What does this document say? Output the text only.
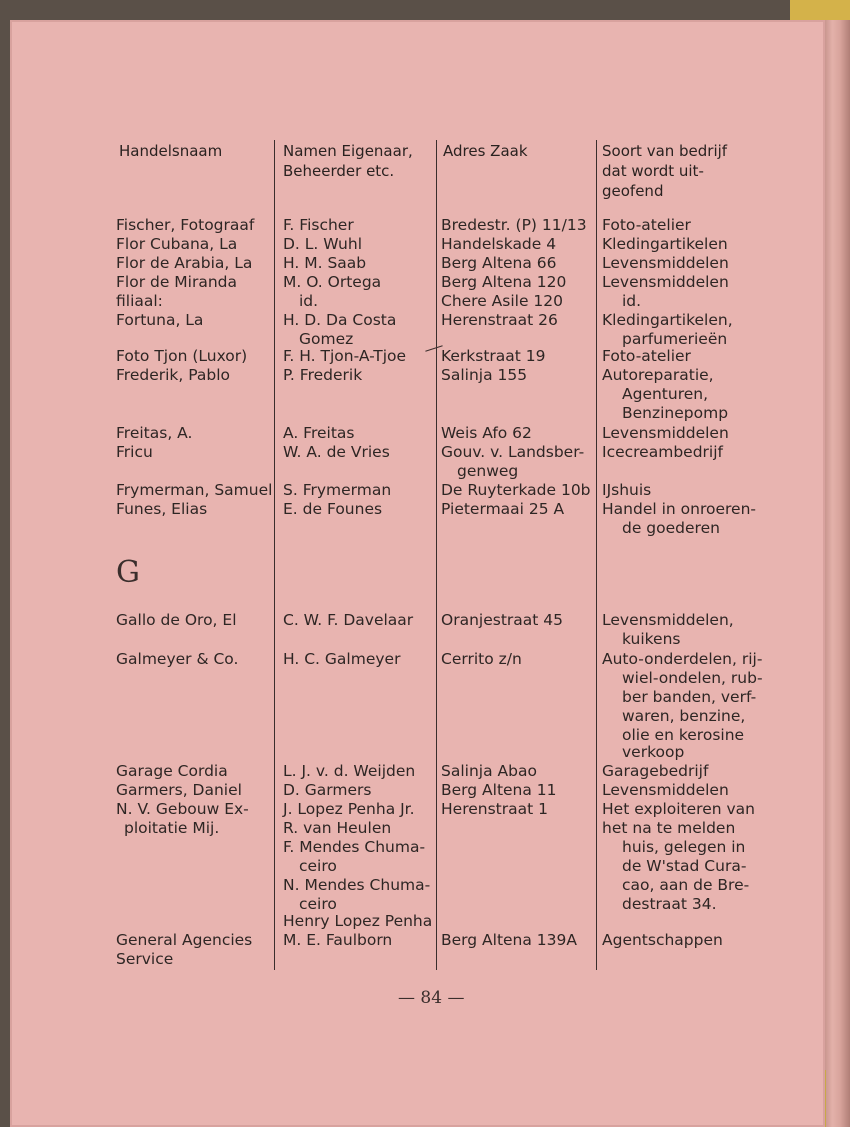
Handelsnaam	Namen Eigenaar, Beheerder etc.
Adres Zaak	Soort van bedrijf dat wordt uit-geofend
Fischer, Fotograaf
Flor Cubana, La
Flor de Arabia, La
Flor de Miranda
filiaal:
Fortuna, La
Foto Tjon (Luxor)
Frederik, Pablo
Freitas, A.
Fricu
Frymerman, Samuel
Funes, Elias
Gallo de Oro, El
Galmeyer & Co.
Garage Cordia
Garmers, Daniel
N. V. Gebouw Ex-
ploitatie Mij.
General Agencies
Service
F. Fischer
D. L. Wuhl
H. M. Saab
M. O. Ortega
id.
H. D. Da Costa
Gomez
F. H. Tjon-A-Tjoe
P. Frederik
A. Freitas
W. A. de Vries
S. Frymerman
E. de Founes
C. W. F. Davelaar
H. C. Galmeyer
L. J. v. d. Weijden
D. Garmers
J. Lopez Penha Jr.
R. van Heulen
F. Mendes Chuma-
ceiro
N. Mendes Chuma-
ceiro
Henry Lopez Penha
M. E. Faulborn
Bredestr. (P) 11/13
Handelskade 4
Berg Altena 66
Berg Altena 120
Chere Asile 120
Herenstraat 26
Kerkstraat 19
Salinja 155
Weis Afo 62
Gouv. v. Landsber-
genweg
De Ruyterkade 10b
Pietermaai 25 A
Oranjestraat 45
Cerrito z/n
Salinja Abao
Berg Altena 11
Herenstraat 1
Berg Altena 139A
Foto-atelier
Kledingartikelen
Levensmiddelen
Levensmiddelen
id.
Kledingartikelen,
parfumerieën
Foto-atelier
Autoreparatie,
Agenturen,
Benzinepomp
Levensmiddelen
Icecreambedrijf
IJshuis
Handel in onroeren-
de goederen
Levensmiddelen,
kuikens
Auto-onderdelen, rij-
wiel-ondelen, rub-
ber banden, verf-
waren, benzine,
olie en kerosine
verkoop
Garagebedrijf
Levensmiddelen
Het exploiteren van
het na te melden
huis, gelegen in
de W'stad Cura-
cao, aan de Bre-
destraat 34.
Agentschappen
G
— 84 —
